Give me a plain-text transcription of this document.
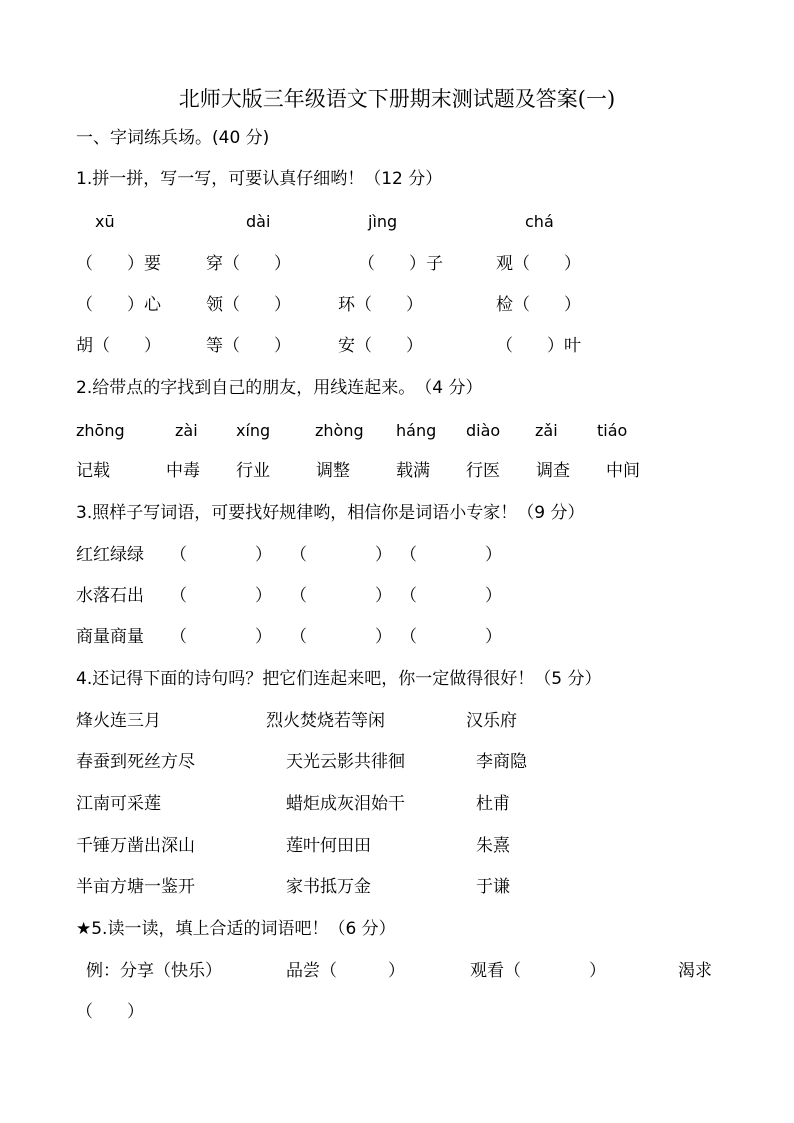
北师大版三年级语文下册期末测试题及答案(一)
一、字词练兵场。(40 分)
1.拼一拼，写一写，可要认真仔细哟！（12 分）
xū	dài	jìng	chá
（　　）要	穿（　　）	（　　）子	观（　　）
（　　）心	领（　　）	环（　　）	检（　　）
胡（　　）	等（　　）	安（　　）	（　　）叶
2.给带点的字找到自己的朋友，用线连起来。　（4 分）
zhōng	zài xíng	zhòng háng diào zǎi tiáo
记载	中毒 行业	调整	载满 行医 调查 中间
3.照样子写词语，可要找好规律哟，相信你是词语小专家！（9 分）
红红绿绿 （　　　　） （　　　　） （　　　　）
水落石出 （　　　　） （　　　　） （　　　　）
商量商量 （　　　　） （　　　　） （　　　　）
4.还记得下面的诗句吗？把它们连起来吧，你一定做得很好！（5 分）
烽火连三月	烈火焚烧若等闲	汉乐府
春蚕到死丝方尽	天光云影共徘徊	李商隐
江南可采莲	蜡炬成灰泪始干	杜甫
千锤万凿出深山	莲叶何田田	朱熹
半亩方塘一鉴开	家书抵万金	于谦
★5.读一读，填上合适的词语吧！（6 分）
例：分享（快乐）	品尝（　　　）	观看（　　　　）	渴求
（　　）
